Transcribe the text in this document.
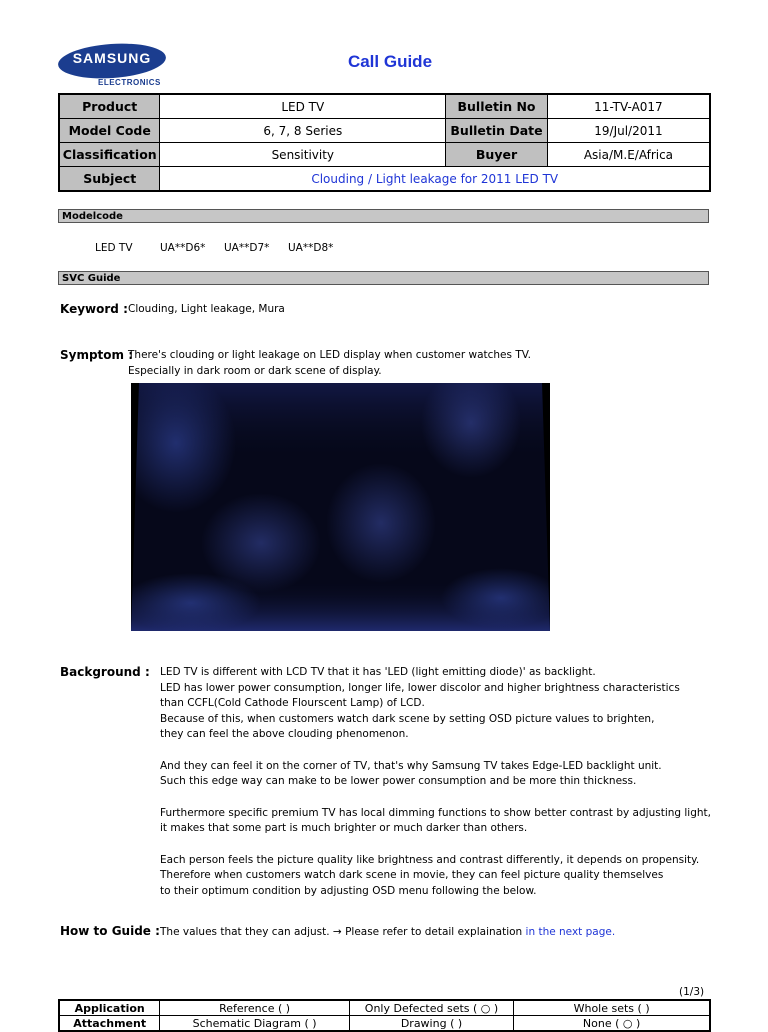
SAMSUNG
ELECTRONICS
Call Guide
Product	LED TV	Bulletin No	11-TV-A017
Model Code	6, 7, 8 Series	Bulletin Date	19/Jul/2011
Classification	Sensitivity	Buyer	Asia/M.E/Africa
Subject	Clouding / Light leakage for 2011 LED TV		
Modelcode
LED TV	UA**D6* UA**D7* UA**D8*
SVC Guide
Keyword : Clouding, Light leakage, Mura
Symptom :
There's clouding or light leakage on LED display when customer watches TV.
Especially in dark room or dark scene of display.
Background : LED TV is different with LCD TV that it has 'LED (light emitting diode)' as backlight.
LED has lower power consumption, longer life, lower discolor and higher brightness characteristics
than CCFL(Cold Cathode Flourscent Lamp) of LCD.
Because of this, when customers watch dark scene by setting OSD picture values to brighten,
they can feel the above clouding phenomenon.
And they can feel it on the corner of TV, that's why Samsung TV takes Edge-LED backlight unit.
Such this edge way can make to be lower power consumption and be more thin thickness.
Furthermore specific premium TV has local dimming functions to show better contrast by adjusting light,
it makes that some part is much brighter or much darker than others.
Each person feels the picture quality like brightness and contrast differently, it depends on propensity.
Therefore when customers watch dark scene in movie, they can feel picture quality themselves
to their optimum condition by adjusting OSD menu following the below.
How to Guide : The values that they can adjust. → Please refer to detail explaination in the next page.
(1/3)
Application	Reference ( )	Only Defected sets ( ○ )	Whole sets ( )
Attachment	Schematic Diagram ( )	Drawing ( )	None ( ○ )
